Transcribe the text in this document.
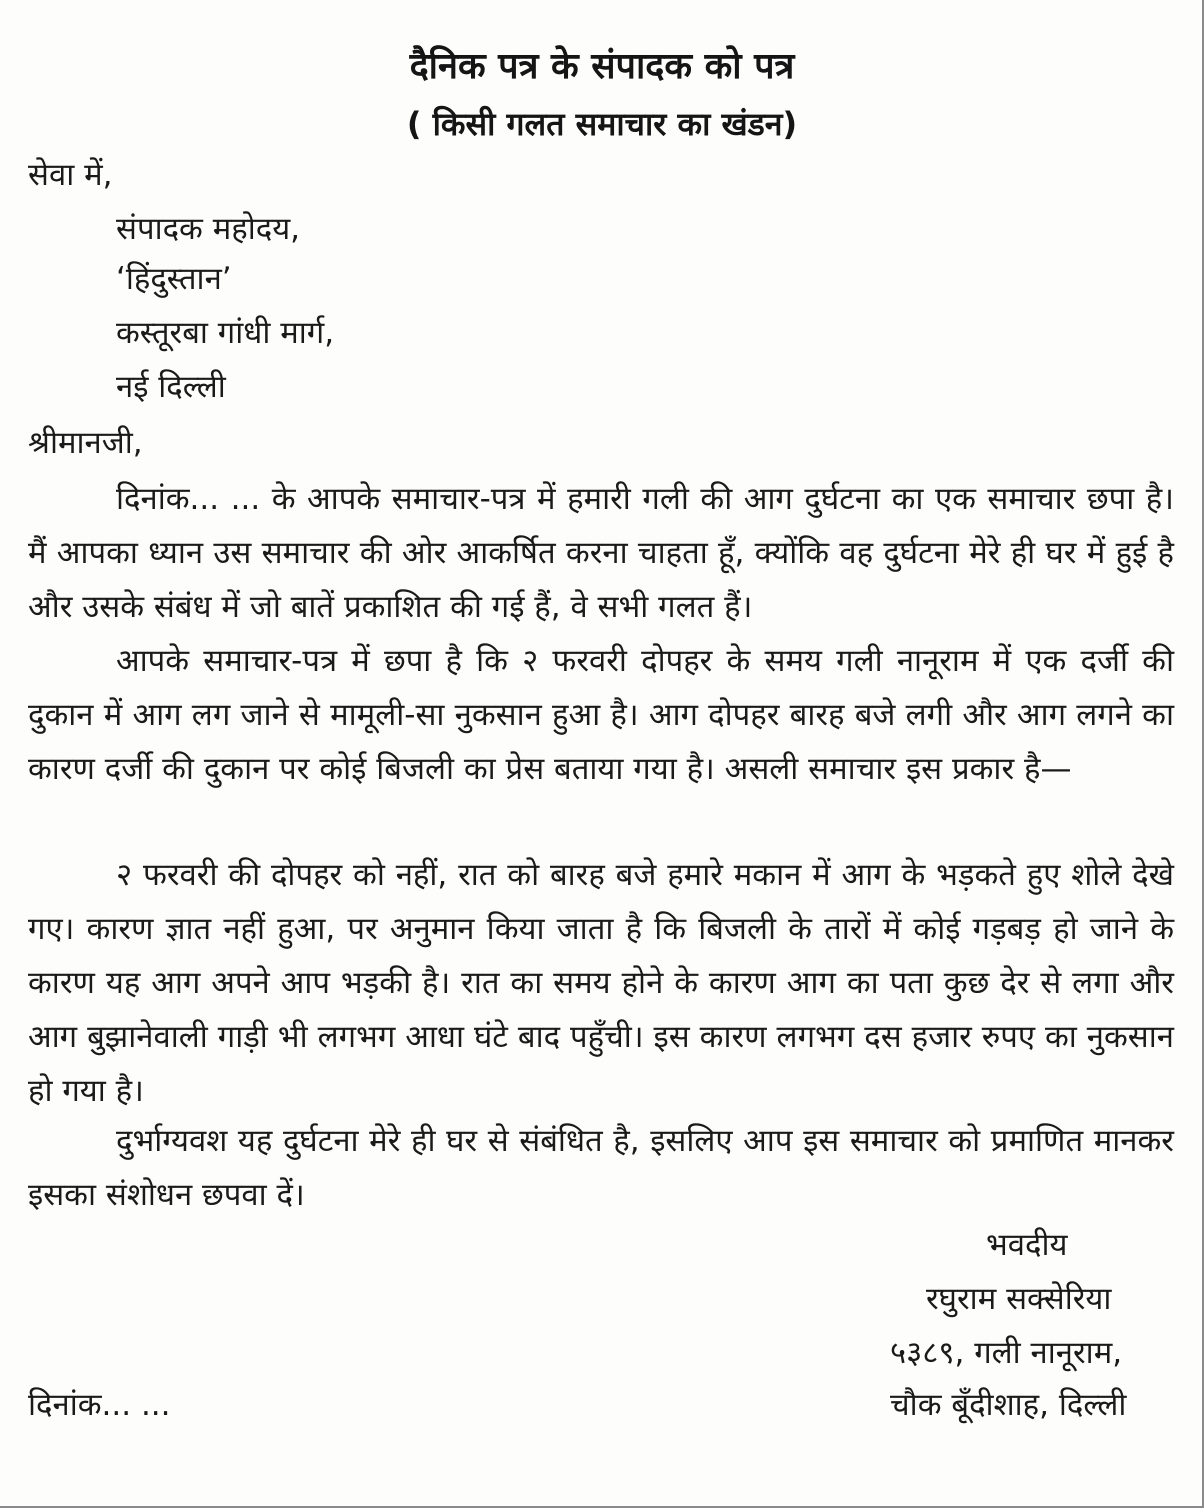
दैनिक पत्र के संपादक को पत्र
( किसी गलत समाचार का खंडन)
सेवा में,
संपादक महोदय,
‘हिंदुस्तान’
कस्तूरबा गांधी मार्ग,
नई दिल्ली
श्रीमानजी,

दिनांक... ... के आपके समाचार-पत्र में हमारी गली की आग दुर्घटना का एक समाचार छपा है। मैं आपका ध्यान उस समाचार की ओर आकर्षित करना चाहता हूँ, क्योंकि वह दुर्घटना मेरे ही घर में हुई है और उसके संबंध में जो बातें प्रकाशित की गई हैं, वे सभी गलत हैं।

आपके समाचार-पत्र में छपा है कि २ फरवरी दोपहर के समय गली नानूराम में एक दर्जी की दुकान में आग लग जाने से मामूली-सा नुकसान हुआ है। आग दोपहर बारह बजे लगी और आग लगने का कारण दर्जी की दुकान पर कोई बिजली का प्रेस बताया गया है। असली समाचार इस प्रकार है—

२ फरवरी की दोपहर को नहीं, रात को बारह बजे हमारे मकान में आग के भड़कते हुए शोले देखे गए। कारण ज्ञात नहीं हुआ, पर अनुमान किया जाता है कि बिजली के तारों में कोई गड़बड़ हो जाने के कारण यह आग अपने आप भड़की है। रात का समय होने के कारण आग का पता कुछ देर से लगा और आग बुझानेवाली गाड़ी भी लगभग आधा घंटे बाद पहुँची। इस कारण लगभग दस हजार रुपए का नुकसान हो गया है।

दुर्भाग्यवश यह दुर्घटना मेरे ही घर से संबंधित है, इसलिए आप इस समाचार को प्रमाणित मानकर इसका संशोधन छपवा दें।

भवदीय
रघुराम सक्सेरिया
५३८९, गली नानूराम,
चौक बूँदीशाह, दिल्ली
दिनांक... ...
